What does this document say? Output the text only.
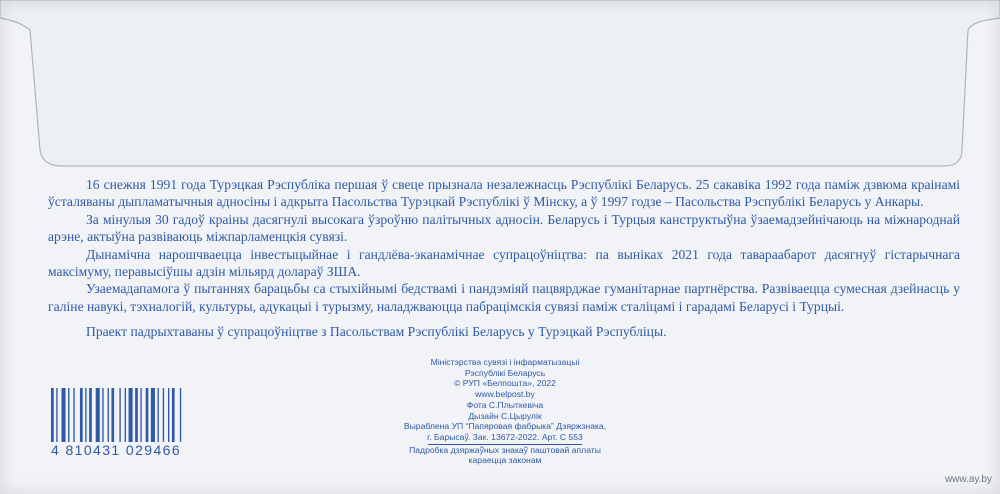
16 снежня 1991 года Турэцкая Рэспубліка першая ў свеце прызнала незалежнасць Рэспублікі Беларусь. 25 сакавіка 1992 года паміж дзвюма краінамі ўсталяваны дыпламатычныя адносіны і адкрыта Пасольства Турэцкай Рэспублікі ў Мінску, а ў 1997 годзе – Пасольства Рэспублікі Беларусь у Анкары.

За мінулыя 30 гадоў краіны дасягнулі высокага ўзроўню палітычных адносін. Беларусь і Турцыя канструктыўна ўзаемадзейнічаюць на міжнароднай арэне, актыўна развіваюць міжпарламенцкія сувязі.

Дынамічна нарошчваецца інвестыцыйнае і гандлёва-эканамічнае супрацоўніцтва: па выніках 2021 года тавараабарот дасягнуў гістарычнага максімуму, перавысіўшы адзін мільярд долараў ЗША.

Узаемадапамога ў пытаннях барацьбы са стыхійнымі бедствамі і пандэміяй пацвярджае гуманітарнае партнёрства. Развіваецца сумесная дзейнасць у галіне навукі, тэхналогій, культуры, адукацыі і турызму, наладжваюцца пабрацімскія сувязі паміж сталіцамі і гарадамі Беларусі і Турцыі.

Праект падрыхтаваны ў супрацоўніцтве з Пасольствам Рэспублікі Беларусь у Турэцкай Рэспубліцы.

Міністэрства сувязі і інфарматызацыі
Рэспублікі Беларусь
© РУП «Белпошта», 2022
www.belpost.by
Фота С.Плыткевіча
Дызайн С.Цырулік
Выраблена УП “Папяровая фабрыка” Дзяржзнака,
г. Барысаў. Зак. 13672-2022. Арт. С 553
Падробка дзяржаўных знакаў паштовай аплаты
караецца законам
4 810431 029466
www.ay.by
